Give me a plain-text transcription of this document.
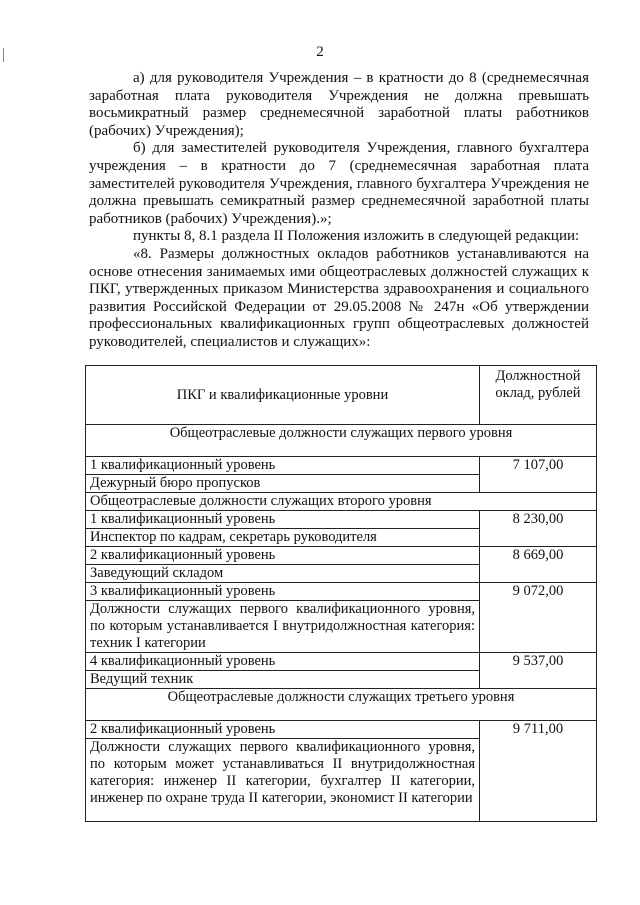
2

а) для руководителя Учреждения – в кратности до 8 (среднемесячная заработная плата руководителя Учреждения не должна превышать восьмикратный размер среднемесячной заработной платы работников (рабочих) Учреждения);

б) для заместителей руководителя Учреждения, главного бухгалтера учреждения – в кратности до 7 (среднемесячная заработная плата заместителей руководителя Учреждения, главного бухгалтера Учреждения не должна превышать семикратный размер среднемесячной заработной платы работников (рабочих) Учреждения).»;

пункты 8, 8.1 раздела II Положения изложить в следующей редакции:

«8. Размеры должностных окладов работников устанавливаются на основе отнесения занимаемых ими общеотраслевых должностей служащих к ПКГ, утвержденных приказом Министерства здравоохранения и социального развития Российской Федерации от 29.05.2008 № 247н «Об утверждении профессиональных квалификационных групп общеотраслевых должностей руководителей, специалистов и служащих»:

ПКГ и квалификационные уровни	Должностной оклад, рублей
Общеотраслевые должности служащих первого уровня	
1 квалификационный уровень	7 107,00
Дежурный бюро пропусков	
Общеотраслевые должности служащих второго уровня	
1 квалификационный уровень	8 230,00
Инспектор по кадрам, секретарь руководителя	
2 квалификационный уровень	8 669,00
Заведующий складом	
3 квалификационный уровень	9 072,00
Должности служащих первого квалификационного уровня, по которым устанавливается I внутридолжностная категория: техник I категории	
4 квалификационный уровень	9 537,00
Ведущий техник	
Общеотраслевые должности служащих третьего уровня	
2 квалификационный уровень	9 711,00
Должности служащих первого квалификационного уровня, по которым может устанавливаться II внутридолжностная категория: инженер II категории, бухгалтер II категории, инженер по охране труда II категории, экономист II категории	
